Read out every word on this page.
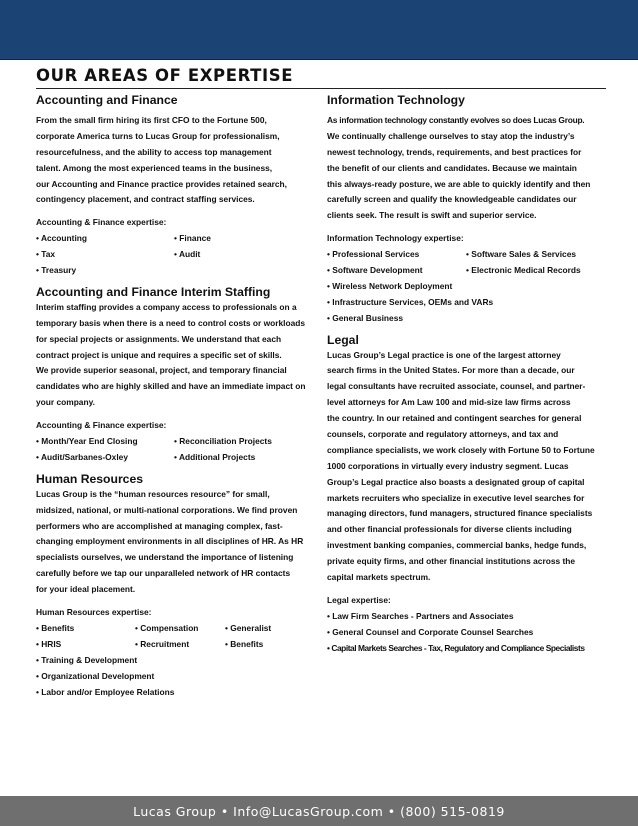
OUR AREAS OF EXPERTISE
Accounting and Finance
From the small firm hiring its first CFO to the Fortune 500,
corporate America turns to Lucas Group for professionalism,
resourcefulness, and the ability to access top management
talent. Among the most experienced teams in the business,
our Accounting and Finance practice provides retained search,
contingency placement, and contract staffing services.
Accounting & Finance expertise:
• Accounting	• Finance
• Tax	• Audit
• Treasury
Accounting and Finance Interim Staffing
Interim staffing provides a company access to professionals on a
temporary basis when there is a need to control costs or workloads
for special projects or assignments. We understand that each
contract project is unique and requires a specific set of skills.
We provide superior seasonal, project, and temporary financial
candidates who are highly skilled and have an immediate impact on
your company.
Accounting & Finance expertise:
• Month/Year End Closing	• Reconciliation Projects
• Audit/Sarbanes-Oxley	• Additional Projects
Human Resources
Lucas Group is the “human resources resource” for small,
midsized, national, or multi-national corporations. We find proven
performers who are accomplished at managing complex, fast-
changing employment environments in all disciplines of HR. As HR
specialists ourselves, we understand the importance of listening
carefully before we tap our unparalleled network of HR contacts
for your ideal placement.
Human Resources expertise:
• Benefits	• Compensation	• Generalist
• HRIS	• Recruitment	• Benefits
• Training & Development
• Organizational Development
• Labor and/or Employee Relations
Information Technology
As information technology constantly evolves so does Lucas Group.
We continually challenge ourselves to stay atop the industry’s
newest technology, trends, requirements, and best practices for
the benefit of our clients and candidates. Because we maintain
this always-ready posture, we are able to quickly identify and then
carefully screen and qualify the knowledgeable candidates our
clients seek. The result is swift and superior service.
Information Technology expertise:
• Professional Services	• Software Sales & Services
• Software Development	• Electronic Medical Records
• Wireless Network Deployment
• Infrastructure Services, OEMs and VARs
• General Business
Legal
Lucas Group’s Legal practice is one of the largest attorney
search firms in the United States. For more than a decade, our
legal consultants have recruited associate, counsel, and partner-
level attorneys for Am Law 100 and mid-size law firms across
the country. In our retained and contingent searches for general
counsels, corporate and regulatory attorneys, and tax and
compliance specialists, we work closely with Fortune 50 to Fortune
1000 corporations in virtually every industry segment. Lucas
Group’s Legal practice also boasts a designated group of capital
markets recruiters who specialize in executive level searches for
managing directors, fund managers, structured finance specialists
and other financial professionals for diverse clients including
investment banking companies, commercial banks, hedge funds,
private equity firms, and other financial institutions across the
capital markets spectrum.
Legal expertise:
• Law Firm Searches - Partners and Associates
• General Counsel and Corporate Counsel Searches
• Capital Markets Searches - Tax, Regulatory and Compliance Specialists
Lucas Group • Info@LucasGroup.com • (800) 515-0819
